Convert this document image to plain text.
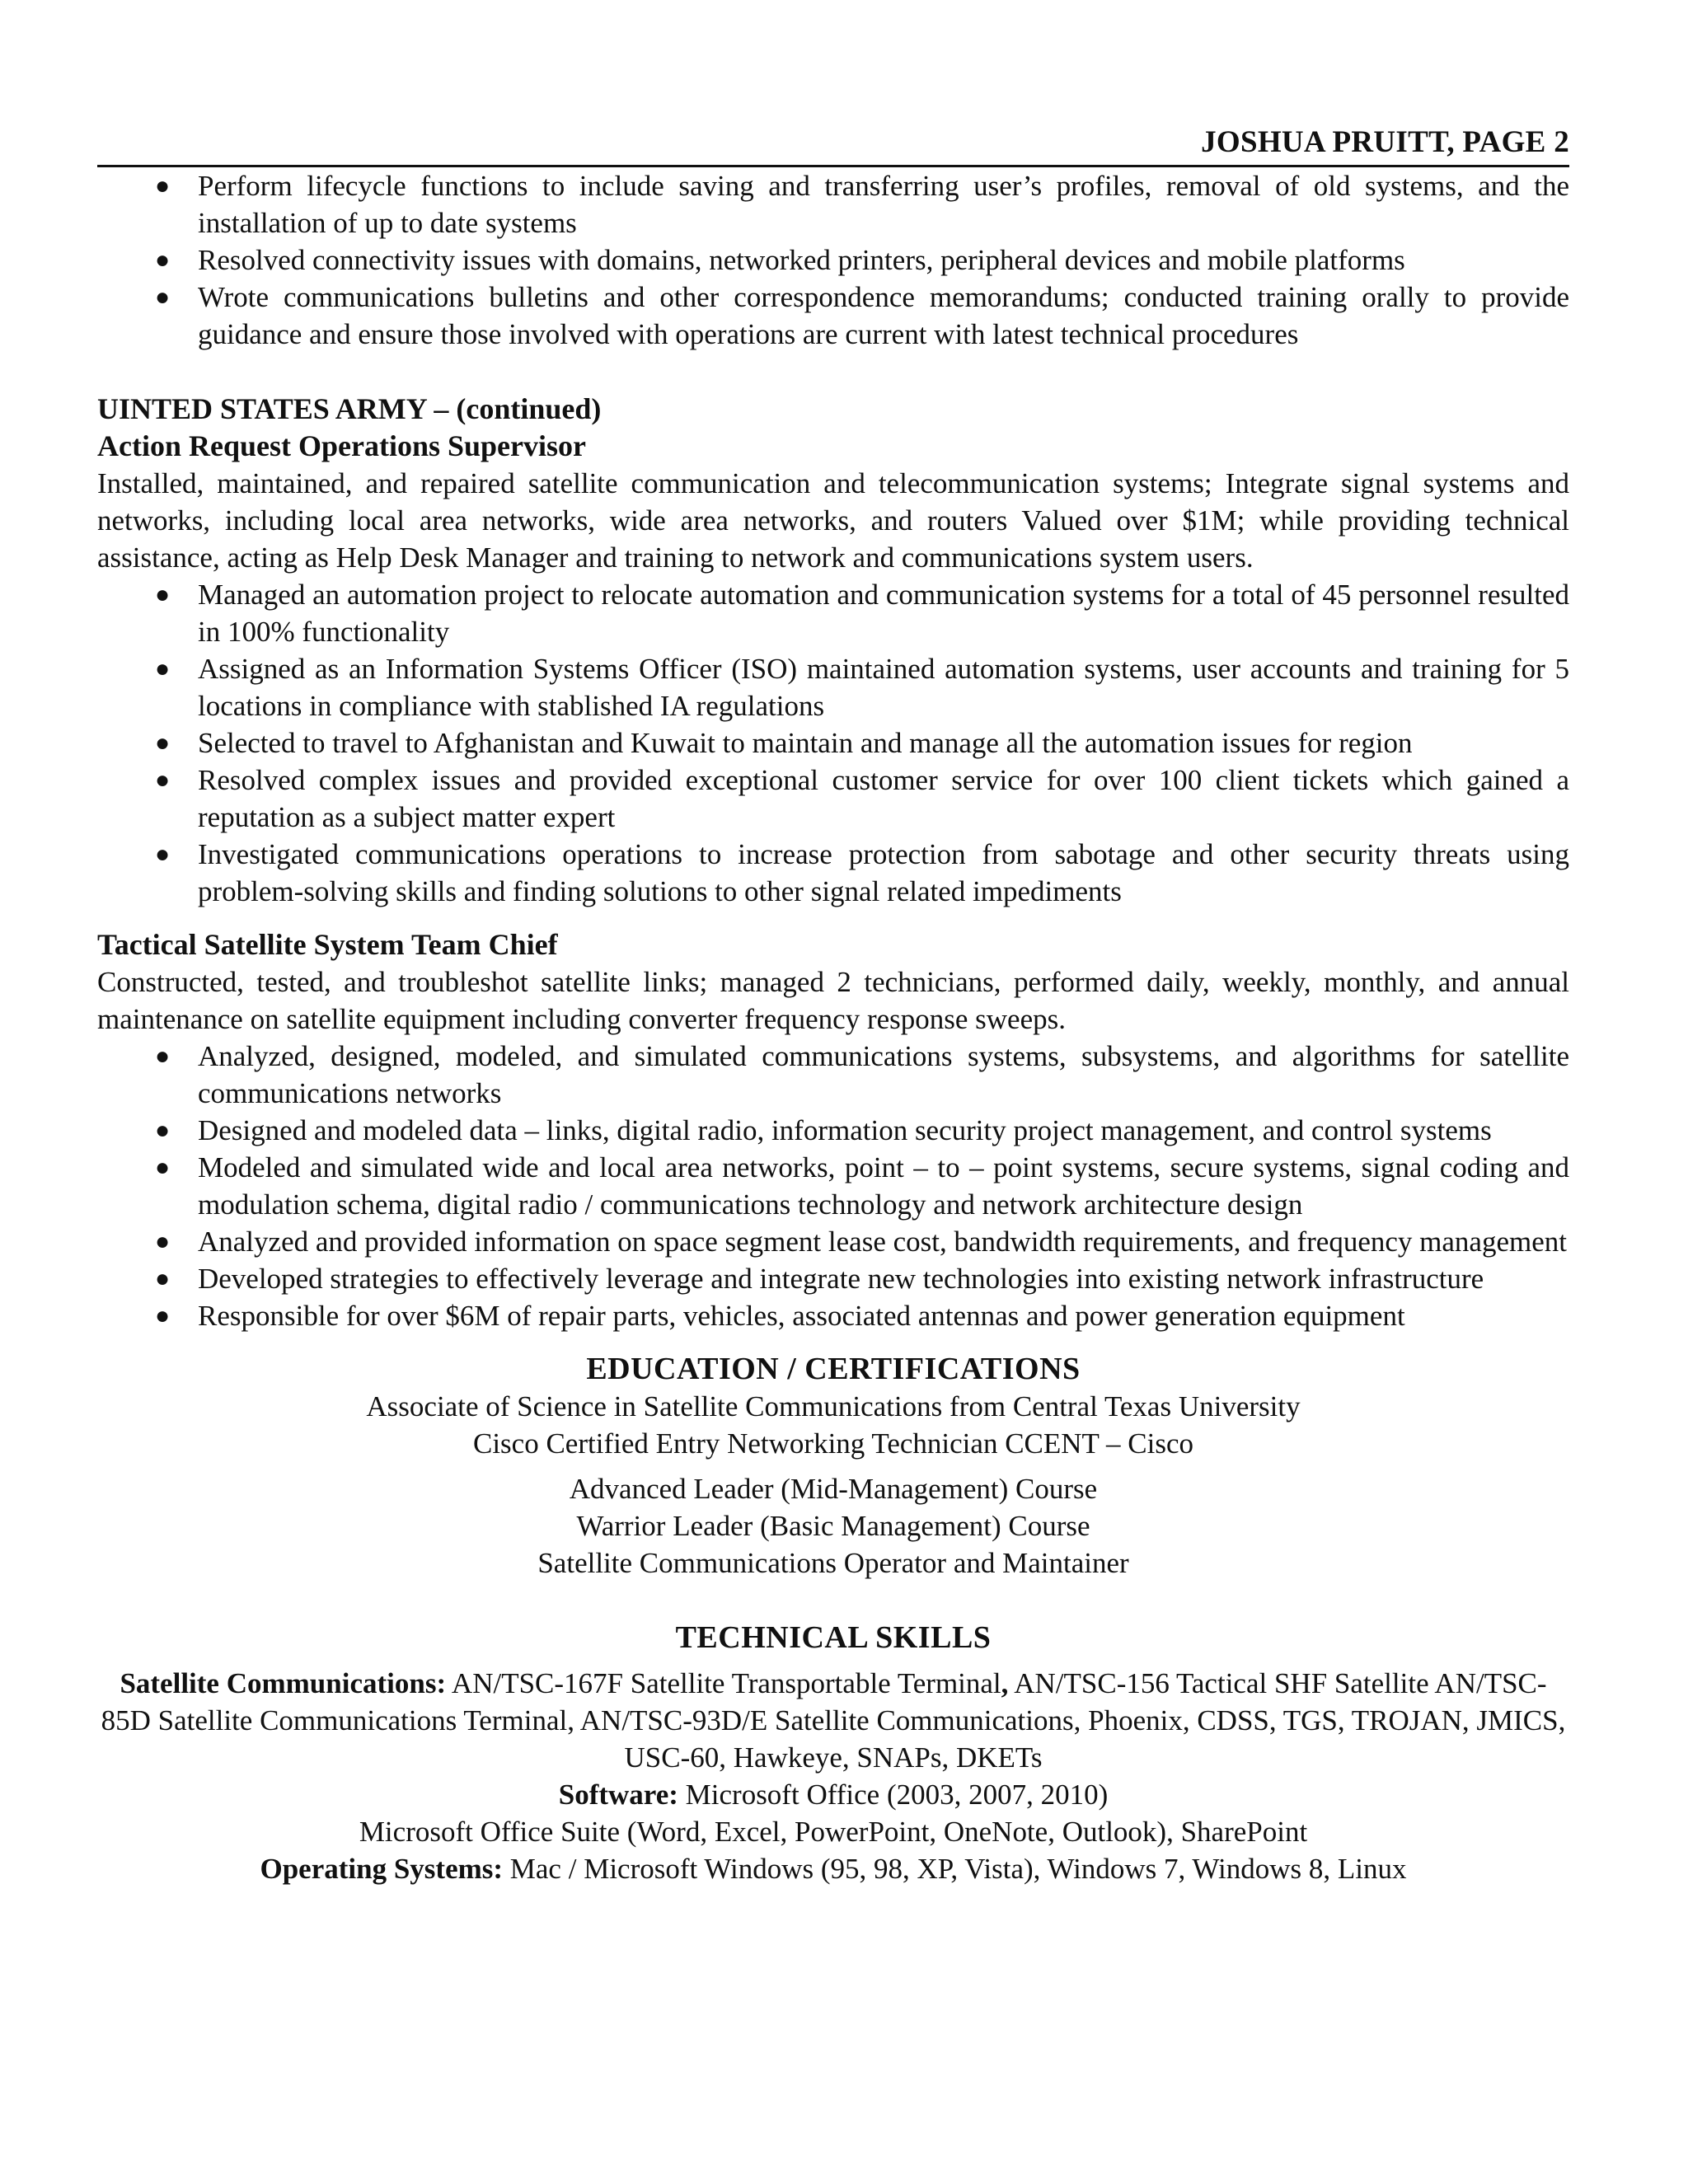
JOSHUA PRUITT, PAGE 2
● Perform lifecycle functions to include saving and transferring user’s profiles, removal of old systems, and the installation of up to date systems
● Resolved connectivity issues with domains, networked printers, peripheral devices and mobile platforms
● Wrote communications bulletins and other correspondence memorandums; conducted training orally to provide guidance and ensure those involved with operations are current with latest technical procedures
UINTED STATES ARMY – (continued)
Action Request Operations Supervisor
Installed, maintained, and repaired satellite communication and telecommunication systems; Integrate signal systems and networks, including local area networks, wide area networks, and routers Valued over $1M; while providing technical assistance, acting as Help Desk Manager and training to network and communications system users.
● Managed an automation project to relocate automation and communication systems for a total of 45 personnel resulted in 100% functionality
● Assigned as an Information Systems Officer (ISO) maintained automation systems, user accounts and training for 5 locations in compliance with stablished IA regulations
● Selected to travel to Afghanistan and Kuwait to maintain and manage all the automation issues for region
● Resolved complex issues and provided exceptional customer service for over 100 client tickets which gained a reputation as a subject matter expert
● Investigated communications operations to increase protection from sabotage and other security threats using problem-solving skills and finding solutions to other signal related impediments
Tactical Satellite System Team Chief
Constructed, tested, and troubleshot satellite links; managed 2 technicians, performed daily, weekly, monthly, and annual maintenance on satellite equipment including converter frequency response sweeps.
● Analyzed, designed, modeled, and simulated communications systems, subsystems, and algorithms for satellite communications networks
● Designed and modeled data – links, digital radio, information security project management, and control systems
● Modeled and simulated wide and local area networks, point – to – point systems, secure systems, signal coding and modulation schema, digital radio / communications technology and network architecture design
● Analyzed and provided information on space segment lease cost, bandwidth requirements, and frequency management
● Developed strategies to effectively leverage and integrate new technologies into existing network infrastructure
● Responsible for over $6M of repair parts, vehicles, associated antennas and power generation equipment
EDUCATION / CERTIFICATIONS
Associate of Science in Satellite Communications from Central Texas University
Cisco Certified Entry Networking Technician CCENT – Cisco
Advanced Leader (Mid-Management) Course
Warrior Leader (Basic Management) Course
Satellite Communications Operator and Maintainer
TECHNICAL SKILLS
Satellite Communications: AN/TSC-167F Satellite Transportable Terminal, AN/TSC-156 Tactical SHF Satellite AN/TSC-85D Satellite Communications Terminal, AN/TSC-93D/E Satellite Communications, Phoenix, CDSS, TGS, TROJAN, JMICS, USC-60, Hawkeye, SNAPs, DKETs
Software: Microsoft Office (2003, 2007, 2010)
Microsoft Office Suite (Word, Excel, PowerPoint, OneNote, Outlook), SharePoint
Operating Systems: Mac / Microsoft Windows (95, 98, XP, Vista), Windows 7, Windows 8, Linux
